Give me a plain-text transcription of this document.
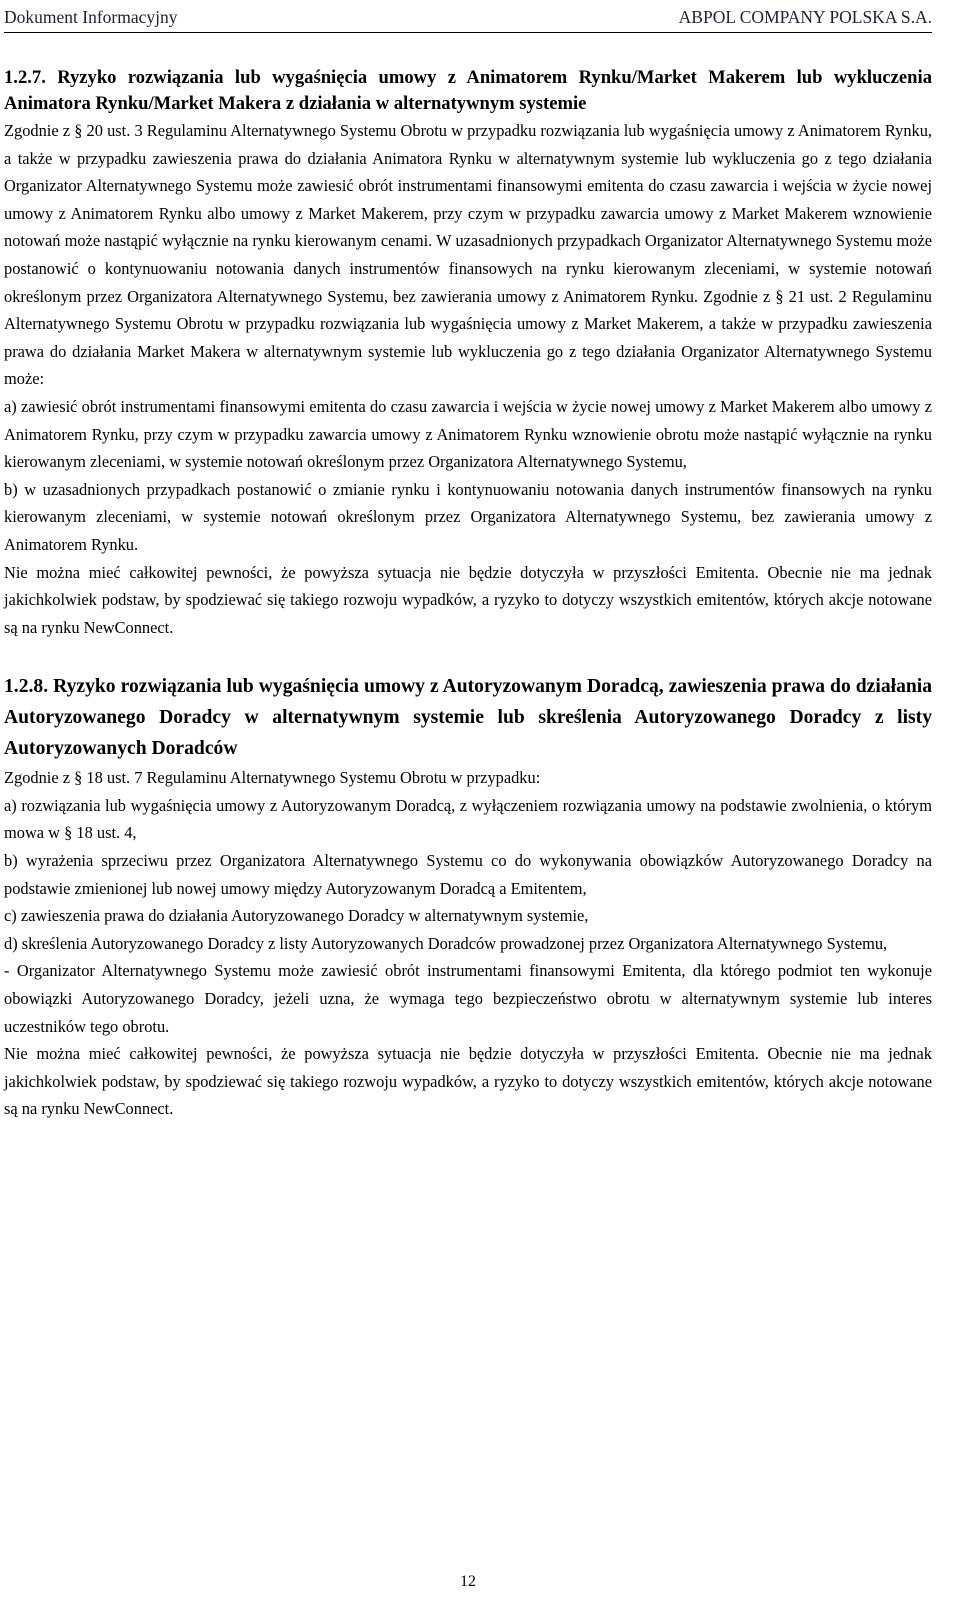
Dokument Informacyjny	ABPOL COMPANY POLSKA S.A.

1.2.7. Ryzyko rozwiązania lub wygaśnięcia umowy z Animatorem Rynku/Market Makerem lub wykluczenia Animatora Rynku/Market Makera z działania w alternatywnym systemie

Zgodnie z § 20 ust. 3 Regulaminu Alternatywnego Systemu Obrotu w przypadku rozwiązania lub wygaśnięcia umowy z Animatorem Rynku, a także w przypadku zawieszenia prawa do działania Animatora Rynku w alternatywnym systemie lub wykluczenia go z tego działania Organizator Alternatywnego Systemu może zawiesić obrót instrumentami finansowymi emitenta do czasu zawarcia i wejścia w życie nowej umowy z Animatorem Rynku albo umowy z Market Makerem, przy czym w przypadku zawarcia umowy z Market Makerem wznowienie notowań może nastąpić wyłącznie na rynku kierowanym cenami. W uzasadnionych przypadkach Organizator Alternatywnego Systemu może postanowić o kontynuowaniu notowania danych instrumentów finansowych na rynku kierowanym zleceniami, w systemie notowań określonym przez Organizatora Alternatywnego Systemu, bez zawierania umowy z Animatorem Rynku. Zgodnie z § 21 ust. 2 Regulaminu Alternatywnego Systemu Obrotu w przypadku rozwiązania lub wygaśnięcia umowy z Market Makerem, a także w przypadku zawieszenia prawa do działania Market Makera w alternatywnym systemie lub wykluczenia go z tego działania Organizator Alternatywnego Systemu może:

a) zawiesić obrót instrumentami finansowymi emitenta do czasu zawarcia i wejścia w życie nowej umowy z Market Makerem albo umowy z Animatorem Rynku, przy czym w przypadku zawarcia umowy z Animatorem Rynku wznowienie obrotu może nastąpić wyłącznie na rynku kierowanym zleceniami, w systemie notowań określonym przez Organizatora Alternatywnego Systemu,

b) w uzasadnionych przypadkach postanowić o zmianie rynku i kontynuowaniu notowania danych instrumentów finansowych na rynku kierowanym zleceniami, w systemie notowań określonym przez Organizatora Alternatywnego Systemu, bez zawierania umowy z Animatorem Rynku.

Nie można mieć całkowitej pewności, że powyższa sytuacja nie będzie dotyczyła w przyszłości Emitenta. Obecnie nie ma jednak jakichkolwiek podstaw, by spodziewać się takiego rozwoju wypadków, a ryzyko to dotyczy wszystkich emitentów, których akcje notowane są na rynku NewConnect.

1.2.8. Ryzyko rozwiązania lub wygaśnięcia umowy z Autoryzowanym Doradcą, zawieszenia prawa do działania Autoryzowanego Doradcy w alternatywnym systemie lub skreślenia Autoryzowanego Doradcy z listy Autoryzowanych Doradców

Zgodnie z § 18 ust. 7 Regulaminu Alternatywnego Systemu Obrotu w przypadku:

a) rozwiązania lub wygaśnięcia umowy z Autoryzowanym Doradcą, z wyłączeniem rozwiązania umowy na podstawie zwolnienia, o którym mowa w § 18 ust. 4,

b) wyrażenia sprzeciwu przez Organizatora Alternatywnego Systemu co do wykonywania obowiązków Autoryzowanego Doradcy na podstawie zmienionej lub nowej umowy między Autoryzowanym Doradcą a Emitentem,

c) zawieszenia prawa do działania Autoryzowanego Doradcy w alternatywnym systemie,

d) skreślenia Autoryzowanego Doradcy z listy Autoryzowanych Doradców prowadzonej przez Organizatora Alternatywnego Systemu,

- Organizator Alternatywnego Systemu może zawiesić obrót instrumentami finansowymi Emitenta, dla którego podmiot ten wykonuje obowiązki Autoryzowanego Doradcy, jeżeli uzna, że wymaga tego bezpieczeństwo obrotu w alternatywnym systemie lub interes uczestników tego obrotu.

Nie można mieć całkowitej pewności, że powyższa sytuacja nie będzie dotyczyła w przyszłości Emitenta. Obecnie nie ma jednak jakichkolwiek podstaw, by spodziewać się takiego rozwoju wypadków, a ryzyko to dotyczy wszystkich emitentów, których akcje notowane są na rynku NewConnect.

12
